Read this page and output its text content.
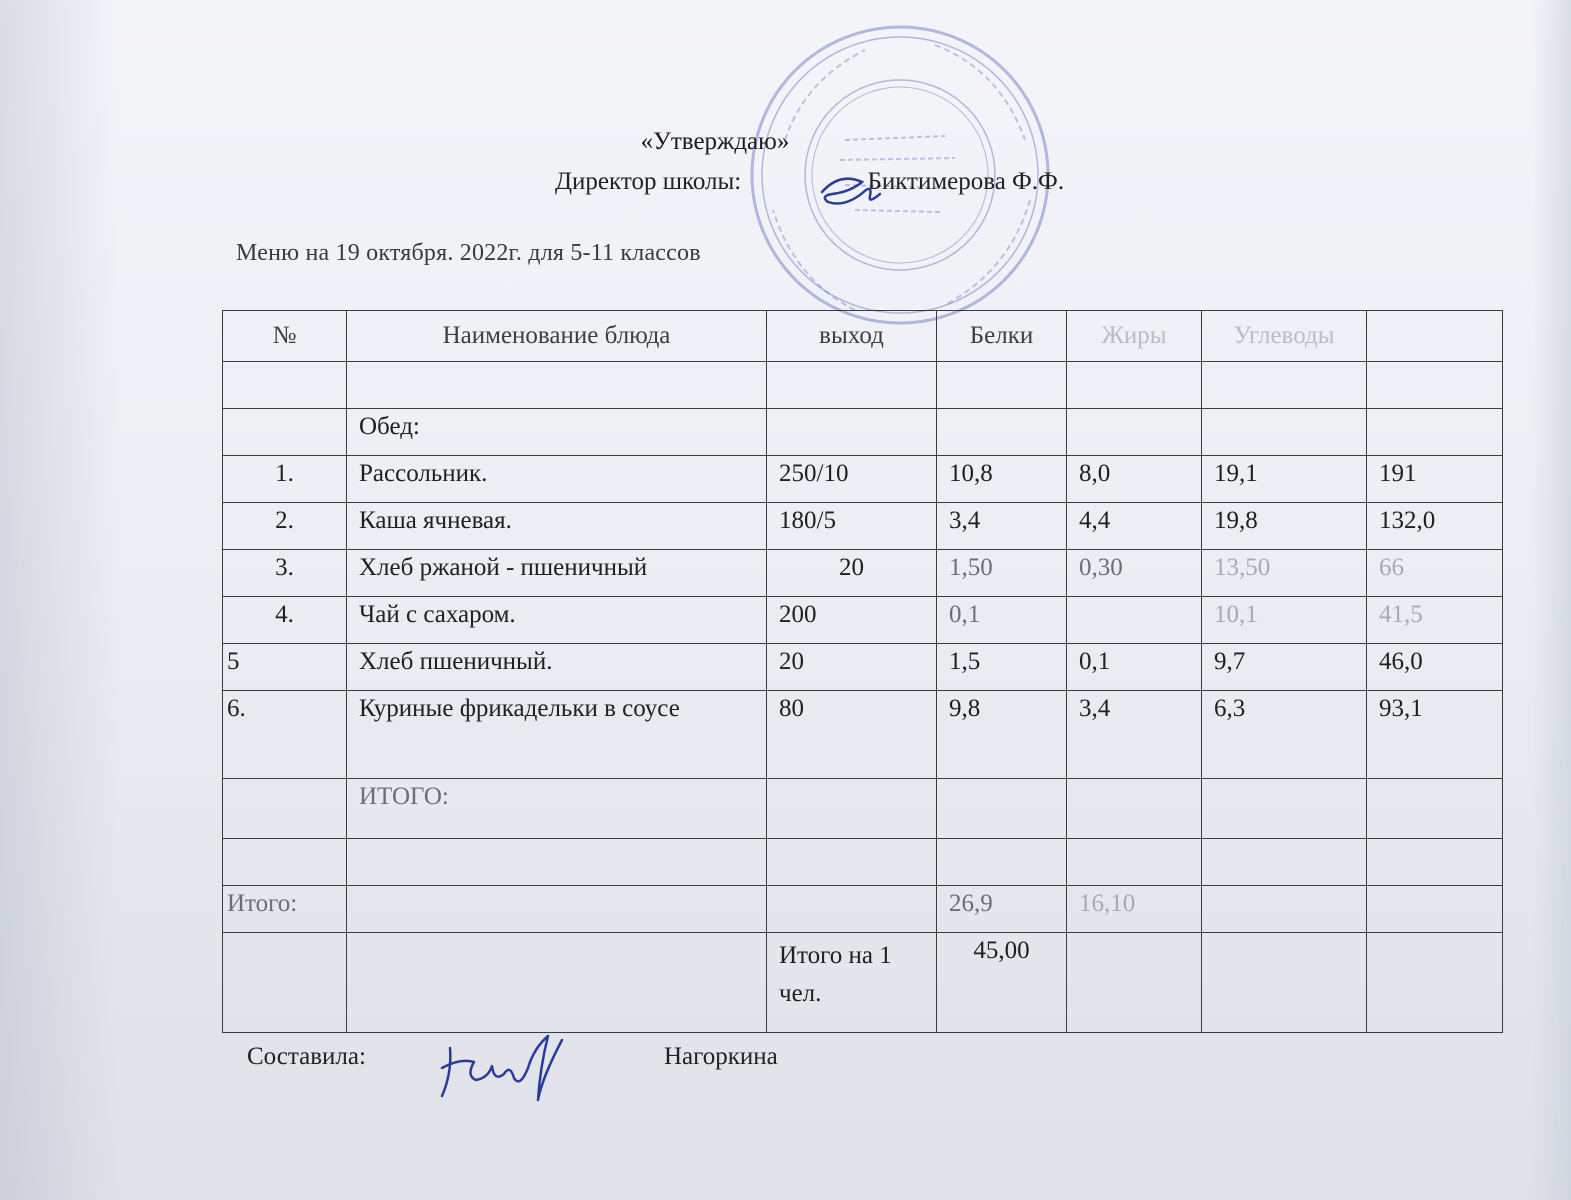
«Утверждаю»
Директор школы:	Биктимерова Ф.Ф.
Меню на 19 октября. 2022г. для 5-11 классов
№	Наименование блюда	выход	Белки	Жиры	Углеводы	

	Обед:					
1.	Рассольник.	250/10	10,8	8,0	19,1	191
2.	Каша ячневая.	180/5	3,4	4,4	19,8	132,0
3.	Хлеб ржаной - пшеничный	20	1,50	0,30	13,50	66
4.	Чай с сахаром.	200	0,1		10,1	41,5
5	Хлеб пшеничный.	20	1,5	0,1	9,7	46,0
6.	Куриные фрикадельки в соусе	80	9,8	3,4	6,3	93,1
	ИТОГО:					

Итого:			26,9	16,10		
		Итого на 1 чел.	45,00			
Составила:	Нагоркина
